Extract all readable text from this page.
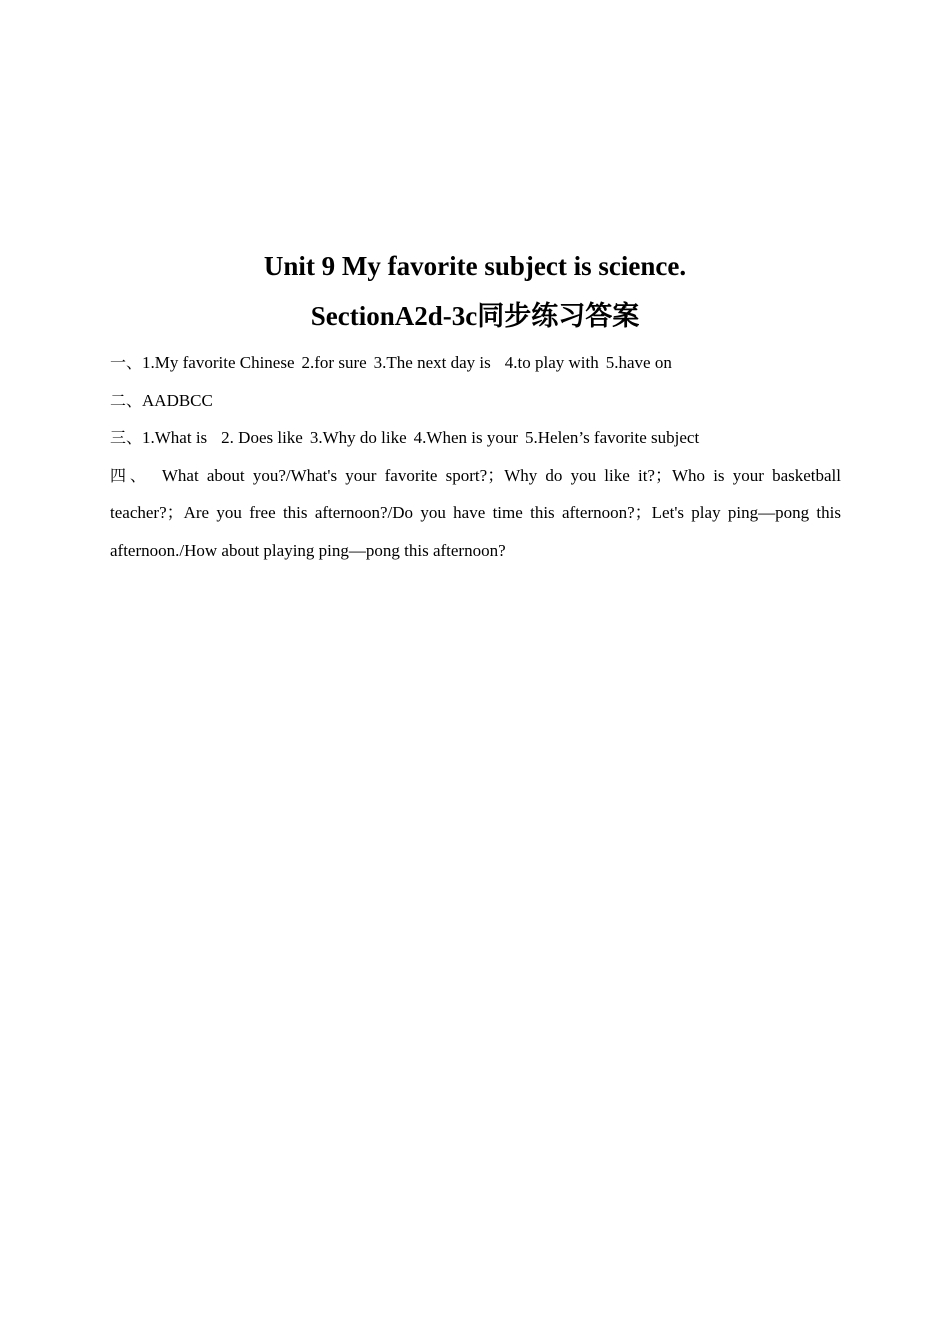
Unit 9 My favorite subject is science.
SectionA2d-3c同步练习答案

一、1.My favorite Chinese 2.for sure 3.The next day is 4.to play with 5.have on

二、AADBCC

三、1.What is 2. Does like 3.Why do like 4.When is your 5.Helen’s favorite subject

四、 What about you?/What's your favorite sport?；Why do you like it?；Who is your basketball teacher?；Are you free this afternoon?/Do you have time this afternoon?；Let's play ping—pong this afternoon./How about playing ping—pong this afternoon?
